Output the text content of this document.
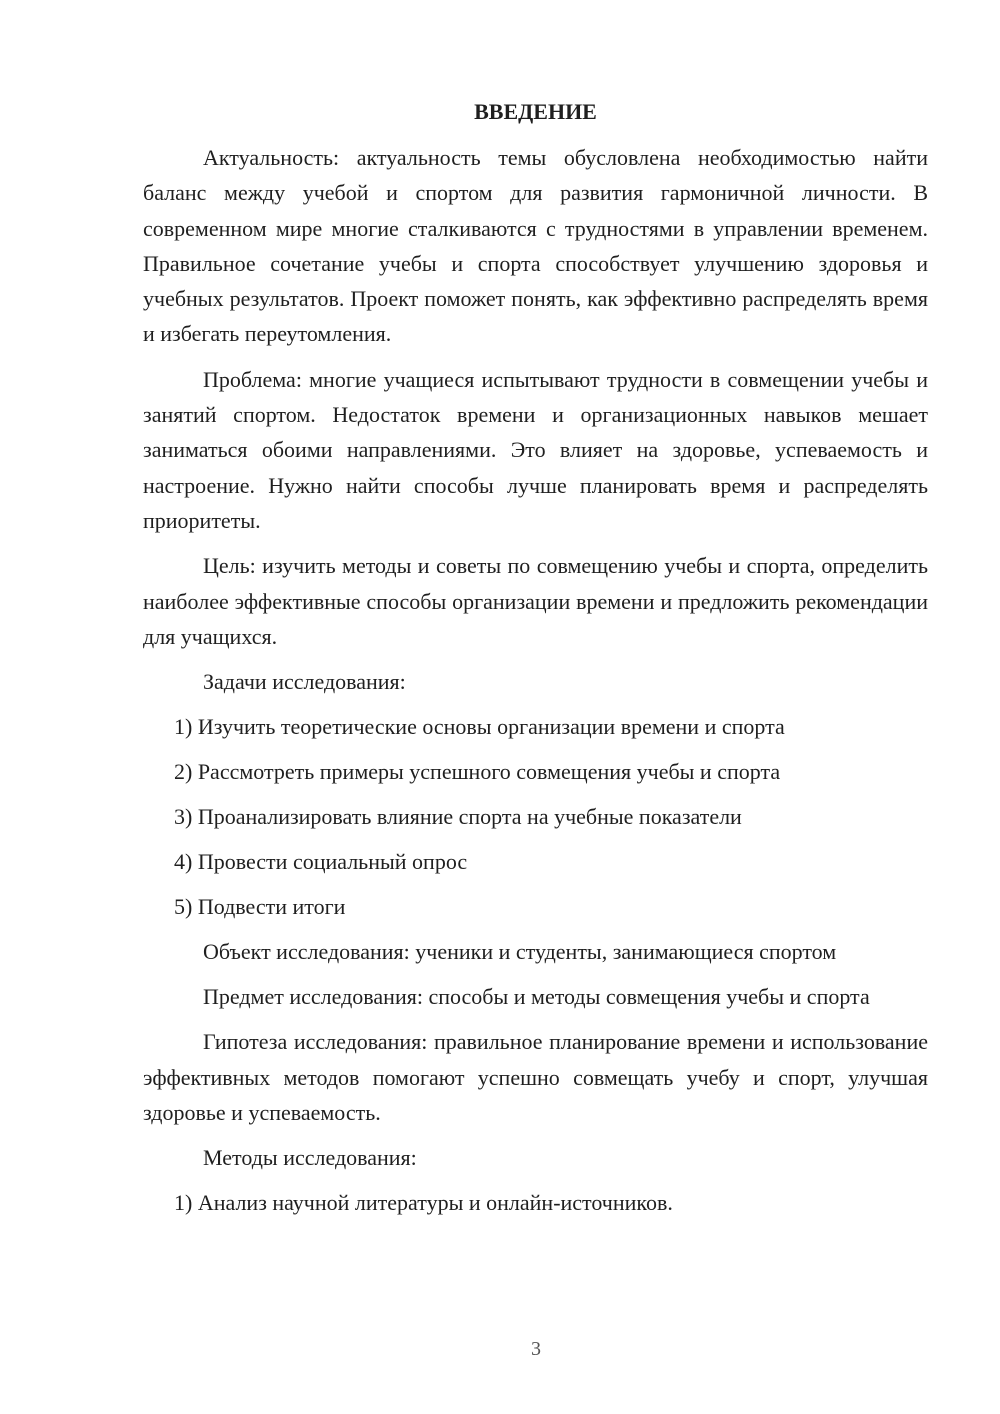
ВВЕДЕНИЕ

Актуальность: актуальность темы обусловлена необходимостью найти баланс между учебой и спортом для развития гармоничной личности. В современном мире многие сталкиваются с трудностями в управлении временем. Правильное сочетание учебы и спорта способствует улучшению здоровья и учебных результатов. Проект поможет понять, как эффективно распределять время и избегать переутомления.

Проблема: многие учащиеся испытывают трудности в совмещении учебы и занятий спортом. Недостаток времени и организационных навыков мешает заниматься обоими направлениями. Это влияет на здоровье, успеваемость и настроение. Нужно найти способы лучше планировать время и распределять приоритеты.

Цель: изучить методы и советы по совмещению учебы и спорта, определить наиболее эффективные способы организации времени и предложить рекомендации для учащихся.

Задачи исследования:
1) Изучить теоретические основы организации времени и спорта
2) Рассмотреть примеры успешного совмещения учебы и спорта
3) Проанализировать влияние спорта на учебные показатели
4) Провести социальный опрос
5) Подвести итоги
Объект исследования: ученики и студенты, занимающиеся спортом

Предмет исследования: способы и методы совмещения учебы и спорта

Гипотеза исследования: правильное планирование времени и использование эффективных методов помогают успешно совмещать учебу и спорт, улучшая здоровье и успеваемость.

Методы исследования:
1) Анализ научной литературы и онлайн-источников.
3
